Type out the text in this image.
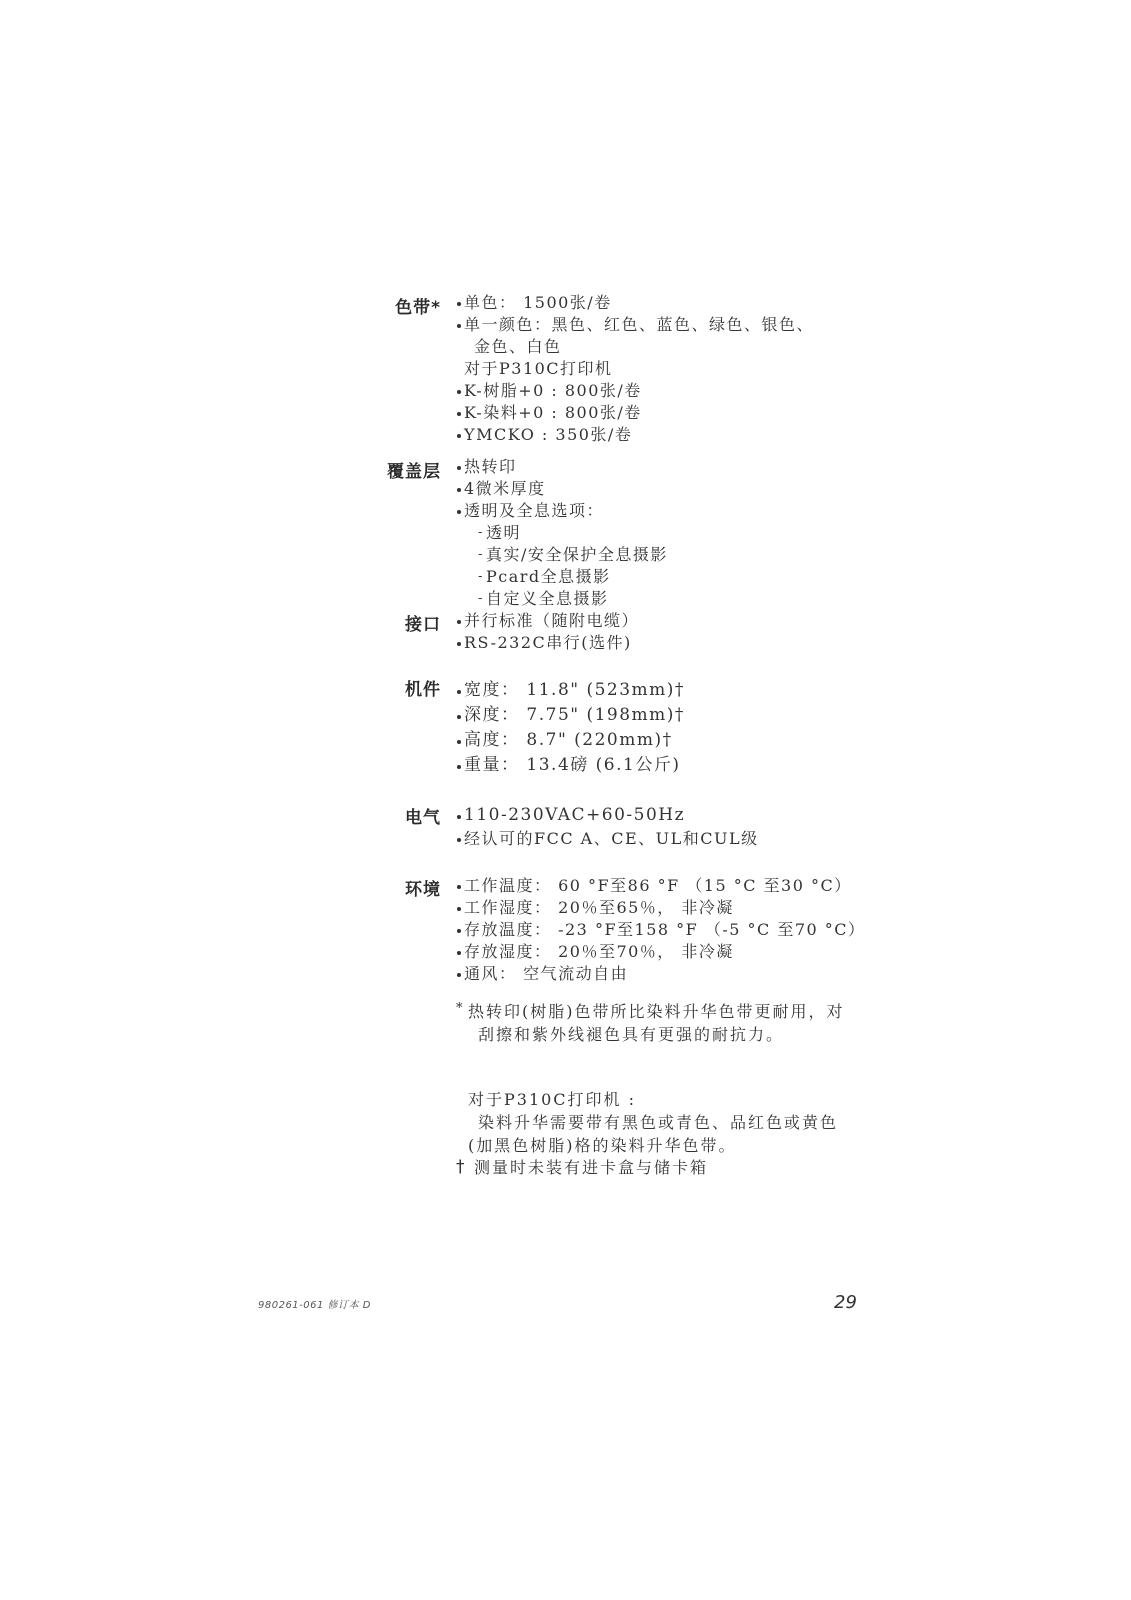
色带* 单色： 1500张/卷
单一颜色：黑色、红色、蓝色、绿色、银色、
金色、白色
对于P310C打印机
K-树脂+0 : 800张/卷
K-染料+0 : 800张/卷
YMCKO : 350张/卷
覆盖层 热转印
4微米厚度
透明及全息选项：
- 透明
- 真实/安全保护全息摄影
- Pcard全息摄影
- 自定义全息摄影
接口 并行标准（随附电缆）
RS-232C串行(选件)
机件 宽度： 11.8" (523mm)†
深度： 7.75" (198mm)†
高度： 8.7" (220mm)†
重量： 13.4磅 (6.1公斤)
电气 110-230VAC+60-50Hz
经认可的FCC A、CE、UL和CUL级
环境 工作温度： 60 °F至86 °F （15 °C 至30 °C）
工作湿度： 20％至65％， 非冷凝
存放温度： -23 °F至158 °F （-5 °C 至70 °C）
存放湿度： 20％至70％， 非冷凝
通风： 空气流动自由
* 热转印(树脂)色带所比染料升华色带更耐用，对
刮擦和紫外线褪色具有更强的耐抗力。
对于P310C打印机 :
染料升华需要带有黑色或青色、品红色或黄色
(加黑色树脂)格的染料升华色带。
† 测量时未装有进卡盒与储卡箱
980261-061 修订本 D	29
